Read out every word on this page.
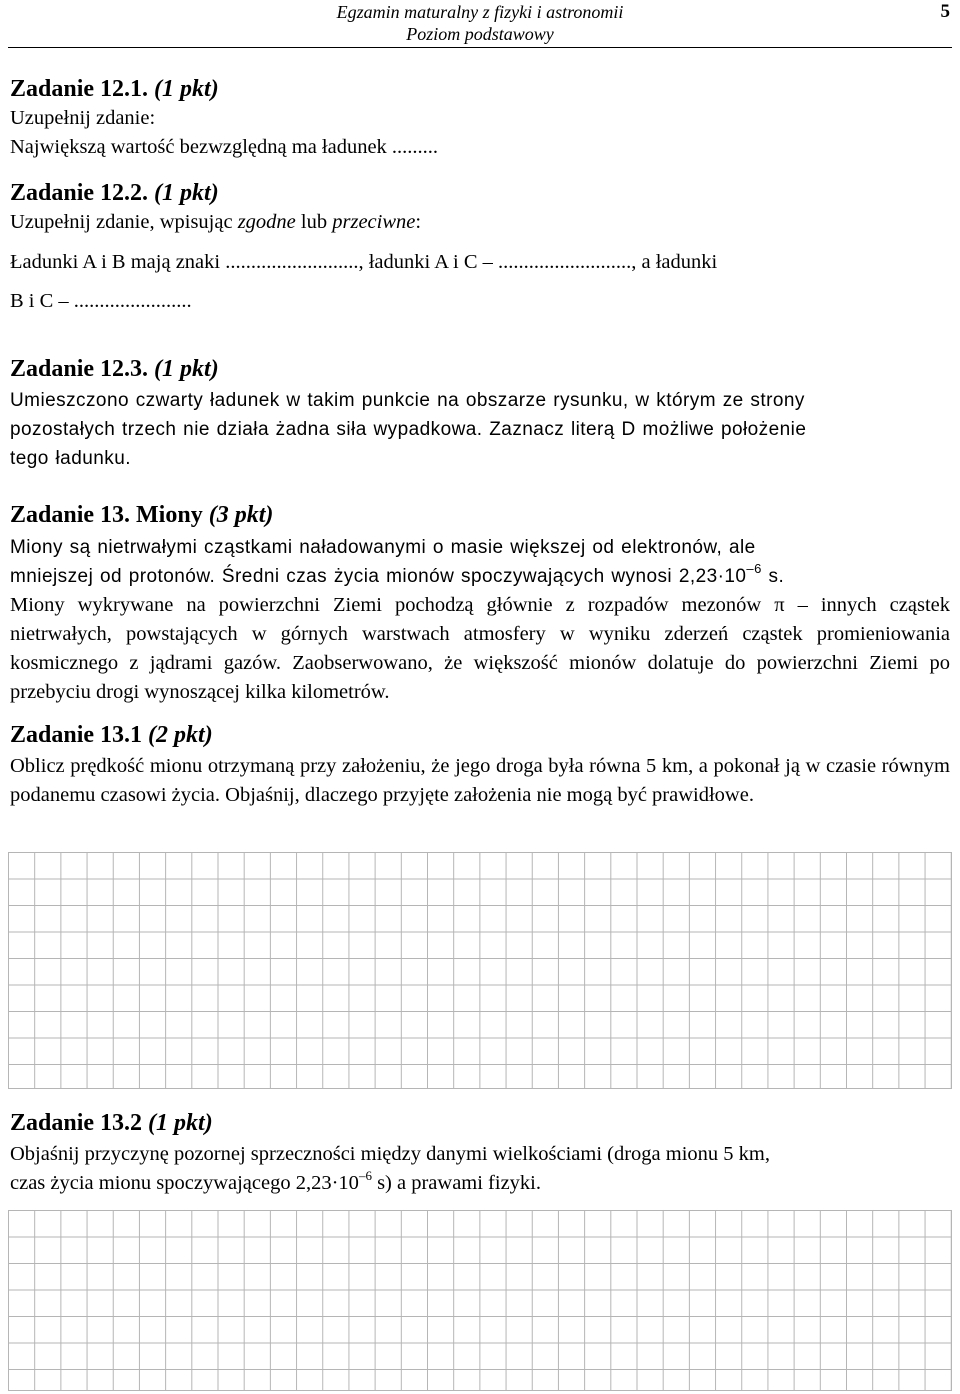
Egzamin maturalny z fizyki i astronomii
Poziom podstawowy
5
Zadanie 12.1. (1 pkt)
Uzupełnij zdanie:
Największą wartość bezwzględną ma ładunek .........
Zadanie 12.2. (1 pkt)
Uzupełnij zdanie, wpisując zgodne lub przeciwne:
Ładunki A i B mają znaki .........................., ładunki A i C – .........................., a ładunki
B i C – .......................
Zadanie 12.3. (1 pkt)
Umieszczono czwarty ładunek w takim punkcie na obszarze rysunku, w którym ze strony
pozostałych trzech nie działa żadna siła wypadkowa. Zaznacz literą D możliwe położenie
tego ładunku.
Zadanie 13. Miony (3 pkt)
Miony są nietrwałymi cząstkami naładowanymi o masie większej od elektronów, ale
mniejszej od protonów. Średni czas życia mionów spoczywających wynosi $2,23\cdot 10^{-6}$ s.
Miony wykrywane na powierzchni Ziemi pochodzą głównie z rozpadów mezonów π – innych cząstek nietrwałych, powstających w górnych warstwach atmosfery w wyniku zderzeń cząstek promieniowania kosmicznego z jądrami gazów. Zaobserwowano, że większość mionów dolatuje do powierzchni Ziemi po przebyciu drogi wynoszącej kilka kilometrów.
Zadanie 13.1 (2 pkt)
Oblicz prędkość mionu otrzymaną przy założeniu, że jego droga była równa 5 km, a pokonał ją w czasie równym podanemu czasowi życia. Objaśnij, dlaczego przyjęte założenia nie mogą być prawidłowe.
Zadanie 13.2 (1 pkt)
Objaśnij przyczynę pozornej sprzeczności między danymi wielkościami (droga mionu 5 km,
czas życia mionu spoczywającego $2,23\cdot 10^{-6}$ s) a prawami fizyki.
